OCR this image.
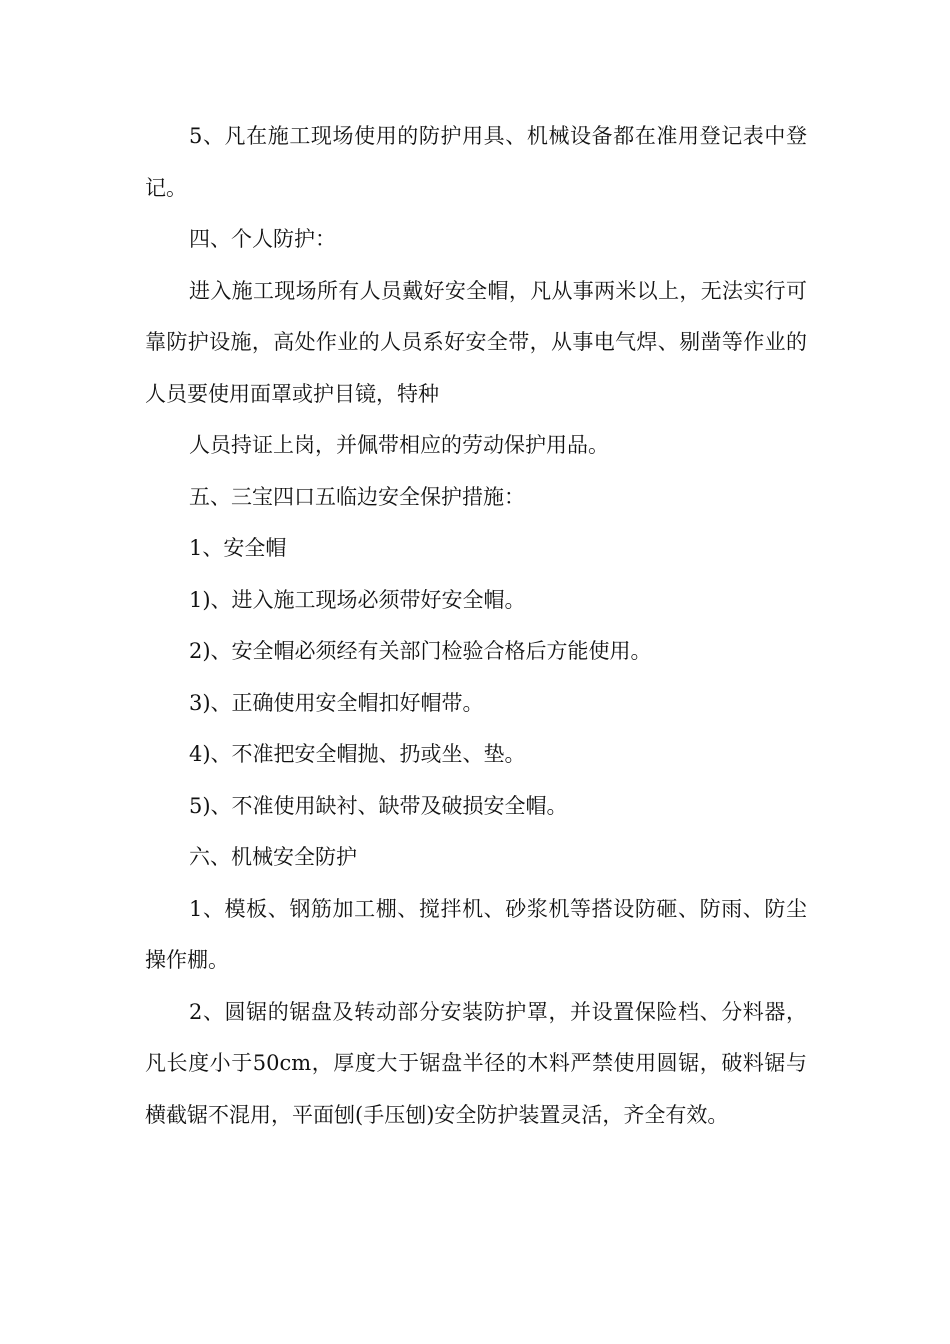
5、凡在施工现场使用的防护用具、机械设备都在准用登记表中登记。

四、个人防护：

进入施工现场所有人员戴好安全帽，凡从事两米以上，无法实行可靠防护设施，高处作业的人员系好安全带，从事电气焊、剔凿等作业的人员要使用面罩或护目镜，特种

人员持证上岗，并佩带相应的劳动保护用品。

五、三宝四口五临边安全保护措施：

1、安全帽

1)、进入施工现场必须带好安全帽。

2)、安全帽必须经有关部门检验合格后方能使用。

3)、正确使用安全帽扣好帽带。

4)、不准把安全帽抛、扔或坐、垫。

5)、不准使用缺衬、缺带及破损安全帽。

六、机械安全防护

1、模板、钢筋加工棚、搅拌机、砂浆机等搭设防砸、防雨、防尘操作棚。

2、圆锯的锯盘及转动部分安装防护罩，并设置保险档、分料器，凡长度小于50cm，厚度大于锯盘半径的木料严禁使用圆锯，破料锯与横截锯不混用，平面刨(手压刨)安全防护装置灵活，齐全有效。
